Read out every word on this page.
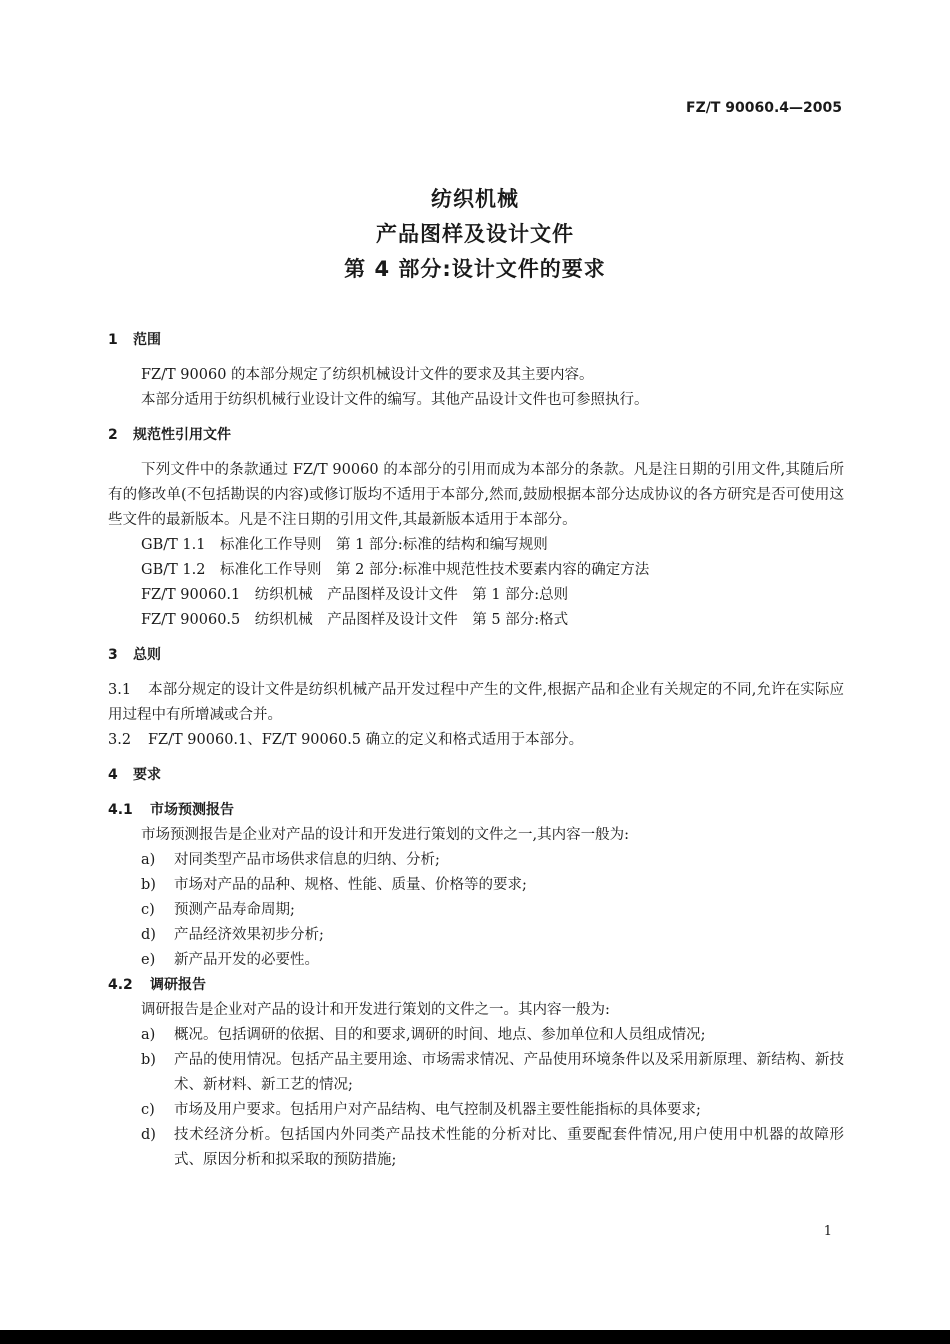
FZ/T 90060.4—2005
纺织机械
产品图样及设计文件
第 4 部分:设计文件的要求
1 范围
FZ/T 90060 的本部分规定了纺织机械设计文件的要求及其主要内容。
本部分适用于纺织机械行业设计文件的编写。其他产品设计文件也可参照执行。
2 规范性引用文件
下列文件中的条款通过 FZ/T 90060 的本部分的引用而成为本部分的条款。凡是注日期的引用文件,其随后所有的修改单(不包括勘误的内容)或修订版均不适用于本部分,然而,鼓励根据本部分达成协议的各方研究是否可使用这些文件的最新版本。凡是不注日期的引用文件,其最新版本适用于本部分。
GB/T 1.1　标准化工作导则　第 1 部分:标准的结构和编写规则
GB/T 1.2　标准化工作导则　第 2 部分:标准中规范性技术要素内容的确定方法
FZ/T 90060.1　纺织机械　产品图样及设计文件　第 1 部分:总则
FZ/T 90060.5　纺织机械　产品图样及设计文件　第 5 部分:格式
3 总则
3.1 本部分规定的设计文件是纺织机械产品开发过程中产生的文件,根据产品和企业有关规定的不同,允许在实际应用过程中有所增减或合并。
3.2 FZ/T 90060.1、FZ/T 90060.5 确立的定义和格式适用于本部分。
4 要求
4.1 市场预测报告
市场预测报告是企业对产品的设计和开发进行策划的文件之一,其内容一般为:
a) 对同类型产品市场供求信息的归纳、分析;
b) 市场对产品的品种、规格、性能、质量、价格等的要求;
c) 预测产品寿命周期;
d) 产品经济效果初步分析;
e) 新产品开发的必要性。
4.2 调研报告
调研报告是企业对产品的设计和开发进行策划的文件之一。其内容一般为:
a) 概况。包括调研的依据、目的和要求,调研的时间、地点、参加单位和人员组成情况;
b) 产品的使用情况。包括产品主要用途、市场需求情况、产品使用环境条件以及采用新原理、新结构、新技术、新材料、新工艺的情况;
c) 市场及用户要求。包括用户对产品结构、电气控制及机器主要性能指标的具体要求;
d) 技术经济分析。包括国内外同类产品技术性能的分析对比、重要配套件情况,用户使用中机器的故障形式、原因分析和拟采取的预防措施;
1
